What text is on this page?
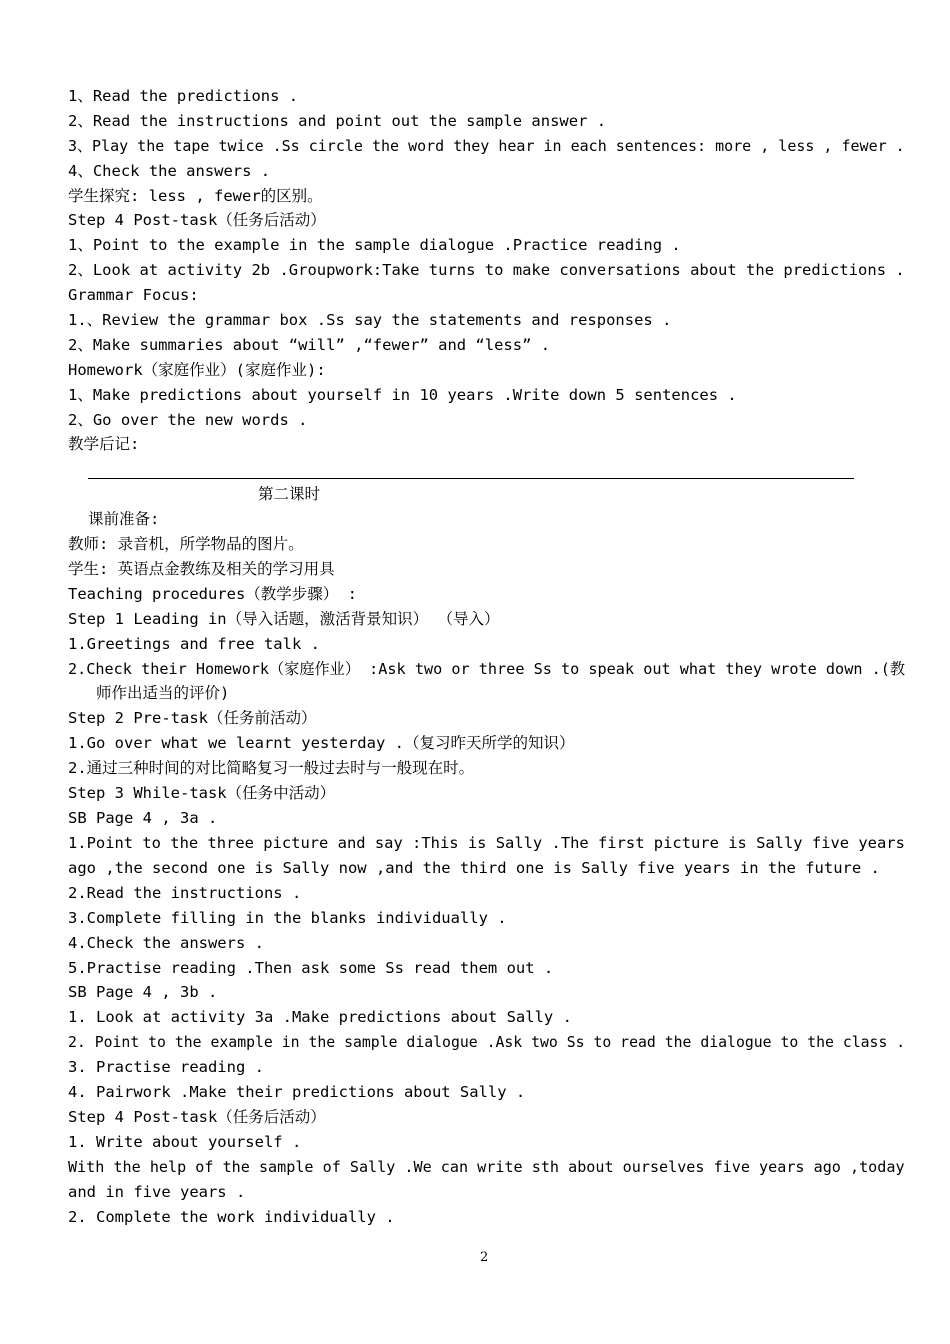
1、Read the predictions .
2、Read the instructions and point out the sample answer .
3、Play the tape twice .Ss circle the word they hear in each sentences: more , less , fewer .
4、Check the answers .
学生探究: less , fewer的区别。
Step 4 Post-task（任务后活动）
1、Point to the example in the sample dialogue .Practice reading .
2、Look at activity 2b .Groupwork:Take turns to make conversations about the predictions .
Grammar Focus:
1.、Review the grammar box .Ss say the statements and responses .
2、Make summaries about “will” ,“fewer” and “less” .
Homework（家庭作业）(家庭作业):
1、Make predictions about yourself in 10 years .Write down 5 sentences .
2、Go over the new words .
教学后记:
第二课时
课前准备:
教师: 录音机，所学物品的图片。
学生: 英语点金教练及相关的学习用具
Teaching procedures（教学步骤） :
Step 1 Leading in（导入话题，激活背景知识） （导入）
1.Greetings and free talk .
2.Check their Homework（家庭作业） :Ask two or three Ss to speak out what they wrote down .(教
师作出适当的评价)
Step 2 Pre-task（任务前活动）
1.Go over what we learnt yesterday .（复习昨天所学的知识）
2.通过三种时间的对比简略复习一般过去时与一般现在时。
Step 3 While-task（任务中活动）
SB Page 4 , 3a .
1.Point to the three picture and say :This is Sally .The first picture is Sally five years
ago ,the second one is Sally now ,and the third one is Sally five years in the future .
2.Read the instructions .
3.Complete filling in the blanks individually .
4.Check the answers .
5.Practise reading .Then ask some Ss read them out .
SB Page 4 , 3b .
1. Look at activity 3a .Make predictions about Sally .
2. Point to the example in the sample dialogue .Ask two Ss to read the dialogue to the class .
3. Practise reading .
4. Pairwork .Make their predictions about Sally .
Step 4 Post-task（任务后活动）
1. Write about yourself .
With the help of the sample of Sally .We can write sth about ourselves five years ago ,today
and in five years .
2. Complete the work individually .
2
